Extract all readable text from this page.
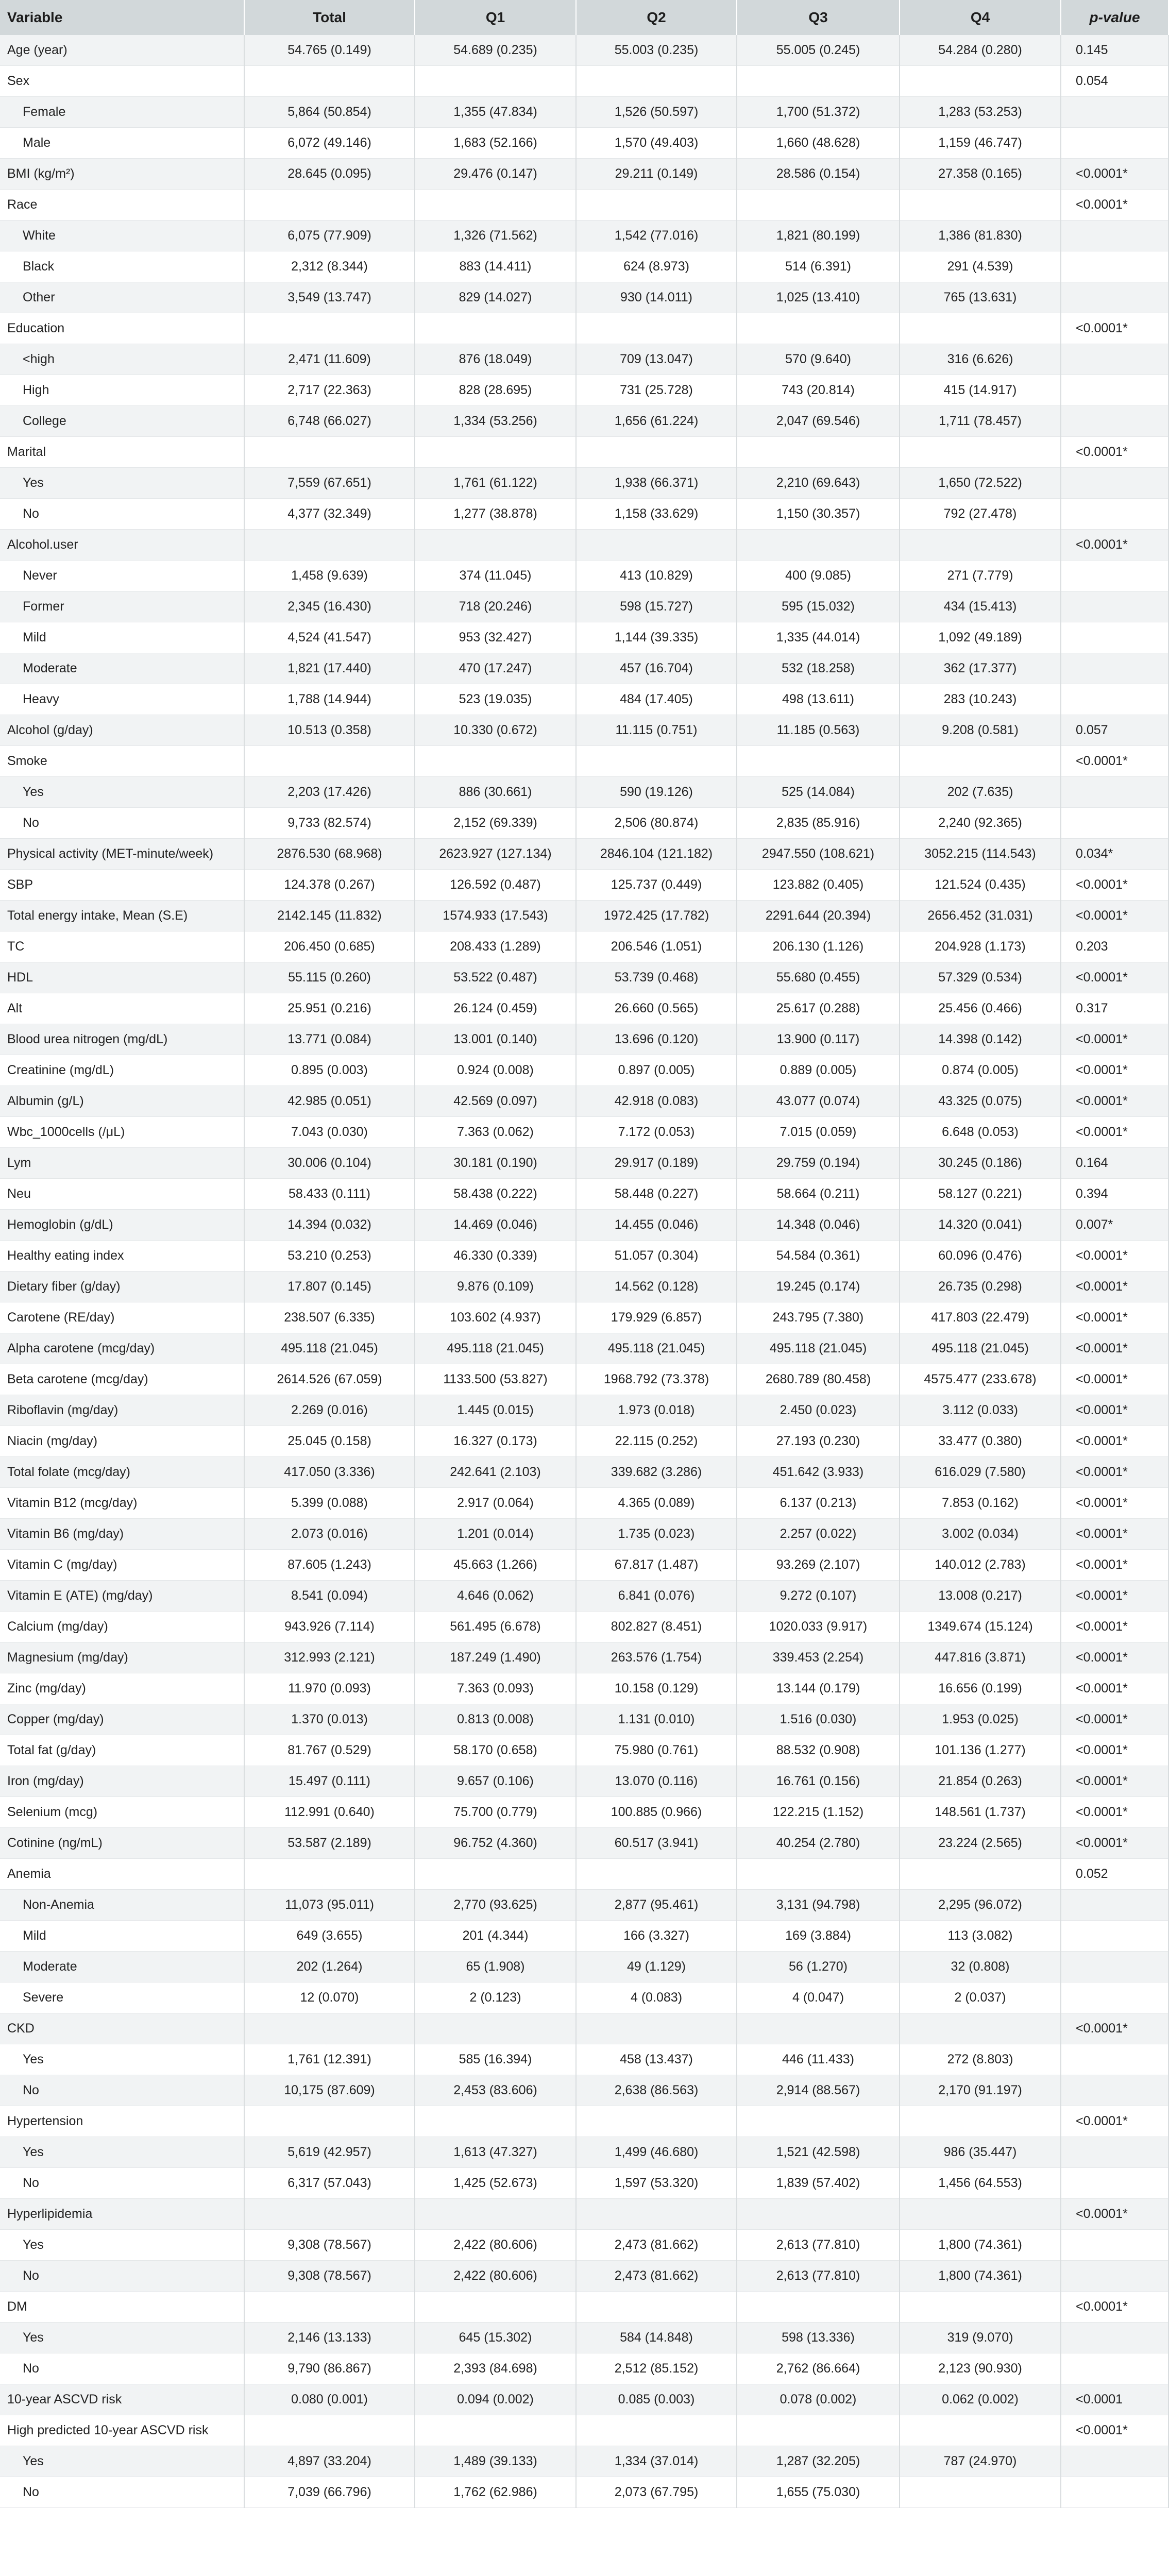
Variable	Total	Q1	Q2	Q3	Q4	p-value
Age (year)	54.765 (0.149)	54.689 (0.235)	55.003 (0.235)	55.005 (0.245)	54.284 (0.280)	0.145
Sex						0.054
Female	5,864 (50.854)	1,355 (47.834)	1,526 (50.597)	1,700 (51.372)	1,283 (53.253)	
Male	6,072 (49.146)	1,683 (52.166)	1,570 (49.403)	1,660 (48.628)	1,159 (46.747)	
BMI (kg/m²)	28.645 (0.095)	29.476 (0.147)	29.211 (0.149)	28.586 (0.154)	27.358 (0.165)	<0.0001*
Race						<0.0001*
White	6,075 (77.909)	1,326 (71.562)	1,542 (77.016)	1,821 (80.199)	1,386 (81.830)	
Black	2,312 (8.344)	883 (14.411)	624 (8.973)	514 (6.391)	291 (4.539)	
Other	3,549 (13.747)	829 (14.027)	930 (14.011)	1,025 (13.410)	765 (13.631)	
Education						<0.0001*
<high	2,471 (11.609)	876 (18.049)	709 (13.047)	570 (9.640)	316 (6.626)	
High	2,717 (22.363)	828 (28.695)	731 (25.728)	743 (20.814)	415 (14.917)	
College	6,748 (66.027)	1,334 (53.256)	1,656 (61.224)	2,047 (69.546)	1,711 (78.457)	
Marital						<0.0001*
Yes	7,559 (67.651)	1,761 (61.122)	1,938 (66.371)	2,210 (69.643)	1,650 (72.522)	
No	4,377 (32.349)	1,277 (38.878)	1,158 (33.629)	1,150 (30.357)	792 (27.478)	
Alcohol.user						<0.0001*
Never	1,458 (9.639)	374 (11.045)	413 (10.829)	400 (9.085)	271 (7.779)	
Former	2,345 (16.430)	718 (20.246)	598 (15.727)	595 (15.032)	434 (15.413)	
Mild	4,524 (41.547)	953 (32.427)	1,144 (39.335)	1,335 (44.014)	1,092 (49.189)	
Moderate	1,821 (17.440)	470 (17.247)	457 (16.704)	532 (18.258)	362 (17.377)	
Heavy	1,788 (14.944)	523 (19.035)	484 (17.405)	498 (13.611)	283 (10.243)	
Alcohol (g/day)	10.513 (0.358)	10.330 (0.672)	11.115 (0.751)	11.185 (0.563)	9.208 (0.581)	0.057
Smoke						<0.0001*
Yes	2,203 (17.426)	886 (30.661)	590 (19.126)	525 (14.084)	202 (7.635)	
No	9,733 (82.574)	2,152 (69.339)	2,506 (80.874)	2,835 (85.916)	2,240 (92.365)	
Physical activity (MET-minute/week)	2876.530 (68.968)	2623.927 (127.134)	2846.104 (121.182)	2947.550 (108.621)	3052.215 (114.543)	0.034*
SBP	124.378 (0.267)	126.592 (0.487)	125.737 (0.449)	123.882 (0.405)	121.524 (0.435)	<0.0001*
Total energy intake, Mean (S.E)	2142.145 (11.832)	1574.933 (17.543)	1972.425 (17.782)	2291.644 (20.394)	2656.452 (31.031)	<0.0001*
TC	206.450 (0.685)	208.433 (1.289)	206.546 (1.051)	206.130 (1.126)	204.928 (1.173)	0.203
HDL	55.115 (0.260)	53.522 (0.487)	53.739 (0.468)	55.680 (0.455)	57.329 (0.534)	<0.0001*
Alt	25.951 (0.216)	26.124 (0.459)	26.660 (0.565)	25.617 (0.288)	25.456 (0.466)	0.317
Blood urea nitrogen (mg/dL)	13.771 (0.084)	13.001 (0.140)	13.696 (0.120)	13.900 (0.117)	14.398 (0.142)	<0.0001*
Creatinine (mg/dL)	0.895 (0.003)	0.924 (0.008)	0.897 (0.005)	0.889 (0.005)	0.874 (0.005)	<0.0001*
Albumin (g/L)	42.985 (0.051)	42.569 (0.097)	42.918 (0.083)	43.077 (0.074)	43.325 (0.075)	<0.0001*
Wbc_1000cells (/μL)	7.043 (0.030)	7.363 (0.062)	7.172 (0.053)	7.015 (0.059)	6.648 (0.053)	<0.0001*
Lym	30.006 (0.104)	30.181 (0.190)	29.917 (0.189)	29.759 (0.194)	30.245 (0.186)	0.164
Neu	58.433 (0.111)	58.438 (0.222)	58.448 (0.227)	58.664 (0.211)	58.127 (0.221)	0.394
Hemoglobin (g/dL)	14.394 (0.032)	14.469 (0.046)	14.455 (0.046)	14.348 (0.046)	14.320 (0.041)	0.007*
Healthy eating index	53.210 (0.253)	46.330 (0.339)	51.057 (0.304)	54.584 (0.361)	60.096 (0.476)	<0.0001*
Dietary fiber (g/day)	17.807 (0.145)	9.876 (0.109)	14.562 (0.128)	19.245 (0.174)	26.735 (0.298)	<0.0001*
Carotene (RE/day)	238.507 (6.335)	103.602 (4.937)	179.929 (6.857)	243.795 (7.380)	417.803 (22.479)	<0.0001*
Alpha carotene (mcg/day)	495.118 (21.045)	495.118 (21.045)	495.118 (21.045)	495.118 (21.045)	495.118 (21.045)	<0.0001*
Beta carotene (mcg/day)	2614.526 (67.059)	1133.500 (53.827)	1968.792 (73.378)	2680.789 (80.458)	4575.477 (233.678)	<0.0001*
Riboflavin (mg/day)	2.269 (0.016)	1.445 (0.015)	1.973 (0.018)	2.450 (0.023)	3.112 (0.033)	<0.0001*
Niacin (mg/day)	25.045 (0.158)	16.327 (0.173)	22.115 (0.252)	27.193 (0.230)	33.477 (0.380)	<0.0001*
Total folate (mcg/day)	417.050 (3.336)	242.641 (2.103)	339.682 (3.286)	451.642 (3.933)	616.029 (7.580)	<0.0001*
Vitamin B12 (mcg/day)	5.399 (0.088)	2.917 (0.064)	4.365 (0.089)	6.137 (0.213)	7.853 (0.162)	<0.0001*
Vitamin B6 (mg/day)	2.073 (0.016)	1.201 (0.014)	1.735 (0.023)	2.257 (0.022)	3.002 (0.034)	<0.0001*
Vitamin C (mg/day)	87.605 (1.243)	45.663 (1.266)	67.817 (1.487)	93.269 (2.107)	140.012 (2.783)	<0.0001*
Vitamin E (ATE) (mg/day)	8.541 (0.094)	4.646 (0.062)	6.841 (0.076)	9.272 (0.107)	13.008 (0.217)	<0.0001*
Calcium (mg/day)	943.926 (7.114)	561.495 (6.678)	802.827 (8.451)	1020.033 (9.917)	1349.674 (15.124)	<0.0001*
Magnesium (mg/day)	312.993 (2.121)	187.249 (1.490)	263.576 (1.754)	339.453 (2.254)	447.816 (3.871)	<0.0001*
Zinc (mg/day)	11.970 (0.093)	7.363 (0.093)	10.158 (0.129)	13.144 (0.179)	16.656 (0.199)	<0.0001*
Copper (mg/day)	1.370 (0.013)	0.813 (0.008)	1.131 (0.010)	1.516 (0.030)	1.953 (0.025)	<0.0001*
Total fat (g/day)	81.767 (0.529)	58.170 (0.658)	75.980 (0.761)	88.532 (0.908)	101.136 (1.277)	<0.0001*
Iron (mg/day)	15.497 (0.111)	9.657 (0.106)	13.070 (0.116)	16.761 (0.156)	21.854 (0.263)	<0.0001*
Selenium (mcg)	112.991 (0.640)	75.700 (0.779)	100.885 (0.966)	122.215 (1.152)	148.561 (1.737)	<0.0001*
Cotinine (ng/mL)	53.587 (2.189)	96.752 (4.360)	60.517 (3.941)	40.254 (2.780)	23.224 (2.565)	<0.0001*
Anemia						0.052
Non-Anemia	11,073 (95.011)	2,770 (93.625)	2,877 (95.461)	3,131 (94.798)	2,295 (96.072)	
Mild	649 (3.655)	201 (4.344)	166 (3.327)	169 (3.884)	113 (3.082)	
Moderate	202 (1.264)	65 (1.908)	49 (1.129)	56 (1.270)	32 (0.808)	
Severe	12 (0.070)	2 (0.123)	4 (0.083)	4 (0.047)	2 (0.037)	
CKD						<0.0001*
Yes	1,761 (12.391)	585 (16.394)	458 (13.437)	446 (11.433)	272 (8.803)	
No	10,175 (87.609)	2,453 (83.606)	2,638 (86.563)	2,914 (88.567)	2,170 (91.197)	
Hypertension						<0.0001*
Yes	5,619 (42.957)	1,613 (47.327)	1,499 (46.680)	1,521 (42.598)	986 (35.447)	
No	6,317 (57.043)	1,425 (52.673)	1,597 (53.320)	1,839 (57.402)	1,456 (64.553)	
Hyperlipidemia						<0.0001*
Yes	9,308 (78.567)	2,422 (80.606)	2,473 (81.662)	2,613 (77.810)	1,800 (74.361)	
No	9,308 (78.567)	2,422 (80.606)	2,473 (81.662)	2,613 (77.810)	1,800 (74.361)	
DM						<0.0001*
Yes	2,146 (13.133)	645 (15.302)	584 (14.848)	598 (13.336)	319 (9.070)	
No	9,790 (86.867)	2,393 (84.698)	2,512 (85.152)	2,762 (86.664)	2,123 (90.930)	
10-year ASCVD risk	0.080 (0.001)	0.094 (0.002)	0.085 (0.003)	0.078 (0.002)	0.062 (0.002)	<0.0001
High predicted 10-year ASCVD risk						<0.0001*
Yes	4,897 (33.204)	1,489 (39.133)	1,334 (37.014)	1,287 (32.205)	787 (24.970)	
No	7,039 (66.796)	1,762 (62.986)	2,073 (67.795)	1,655 (75.030)		
